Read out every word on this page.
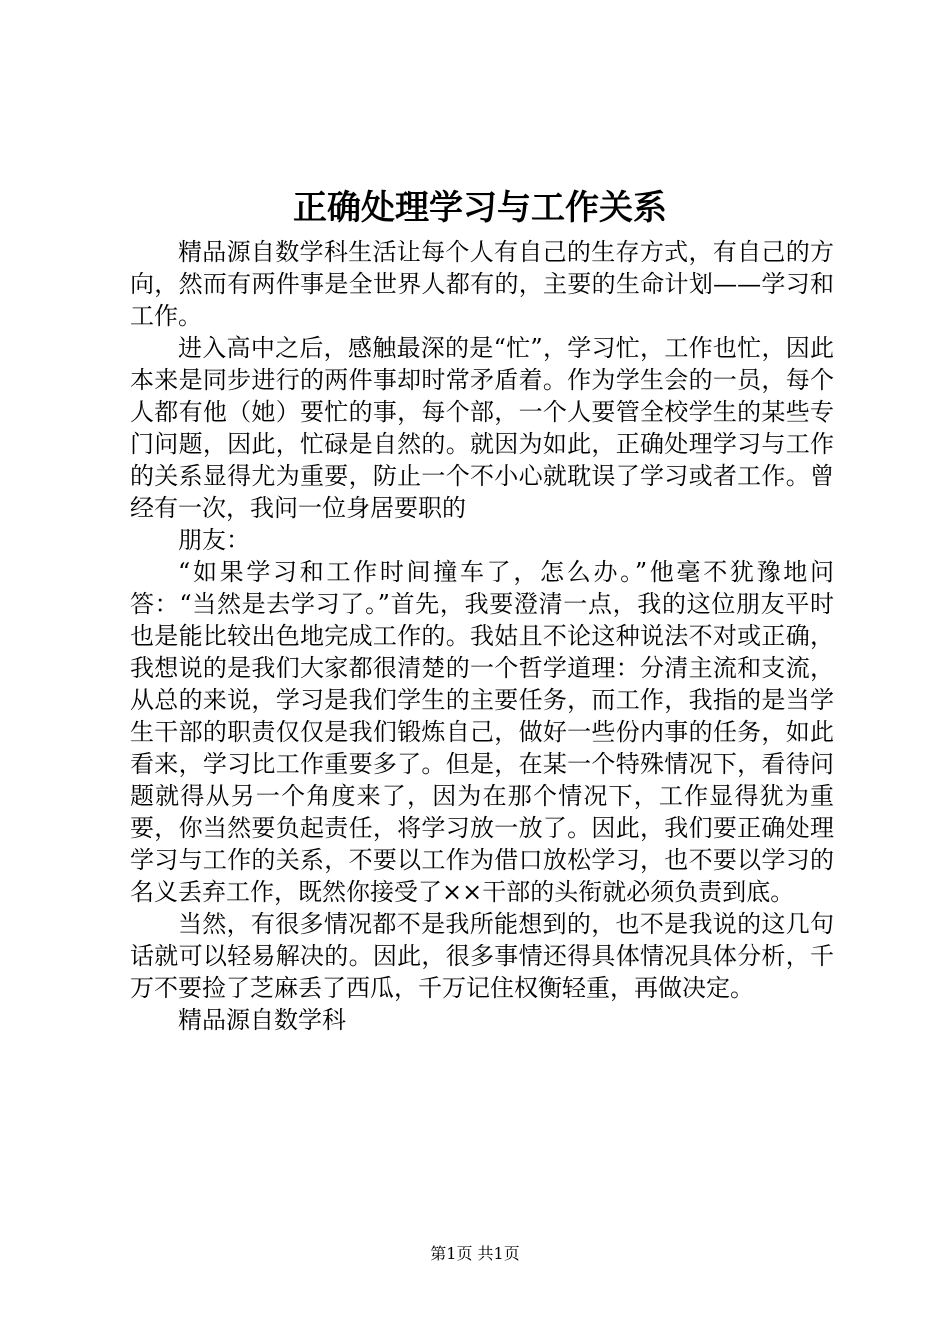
正确处理学习与工作关系

精品源自数学科生活让每个人有自己的生存方式，有自己的方向，然而有两件事是全世界人都有的，主要的生命计划——学习和工作。

进入高中之后，感触最深的是“忙”，学习忙，工作也忙，因此本来是同步进行的两件事却时常矛盾着。作为学生会的一员，每个人都有他（她）要忙的事，每个部，一个人要管全校学生的某些专门问题，因此，忙碌是自然的。就因为如此，正确处理学习与工作的关系显得尤为重要，防止一个不小心就耽误了学习或者工作。曾经有一次，我问一位身居要职的

朋友：

“如果学习和工作时间撞车了，怎么办。”他毫不犹豫地问答：“当然是去学习了。”首先，我要澄清一点，我的这位朋友平时也是能比较出色地完成工作的。我姑且不论这种说法不对或正确，我想说的是我们大家都很清楚的一个哲学道理：分清主流和支流，从总的来说，学习是我们学生的主要任务，而工作，我指的是当学生干部的职责仅仅是我们锻炼自己，做好一些份内事的任务，如此看来，学习比工作重要多了。但是，在某一个特殊情况下，看待问题就得从另一个角度来了，因为在那个情况下，工作显得犹为重要，你当然要负起责任，将学习放一放了。因此，我们要正确处理学习与工作的关系，不要以工作为借口放松学习，也不要以学习的名义丢弃工作，既然你接受了××干部的头衔就必须负责到底。

当然，有很多情况都不是我所能想到的，也不是我说的这几句话就可以轻易解决的。因此，很多事情还得具体情况具体分析，千万不要捡了芝麻丢了西瓜，千万记住权衡轻重，再做决定。

精品源自数学科

第1页 共1页
